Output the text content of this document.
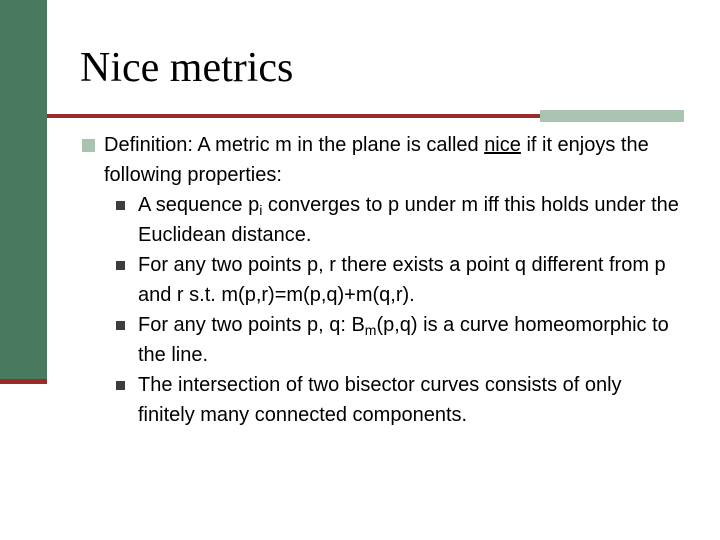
Nice metrics
Definition: A metric m in the plane is called nice if it enjoys the following properties:
A sequence $p_i$ converges to p under m iff this holds under the Euclidean distance.
For any two points p, r there exists a point q different from p and r s.t. m(p,r)=m(p,q)+m(q,r).
For any two points p, q: $B_m(p,q)$ is a curve homeomorphic to the line.
The intersection of two bisector curves consists of only finitely many connected components.
